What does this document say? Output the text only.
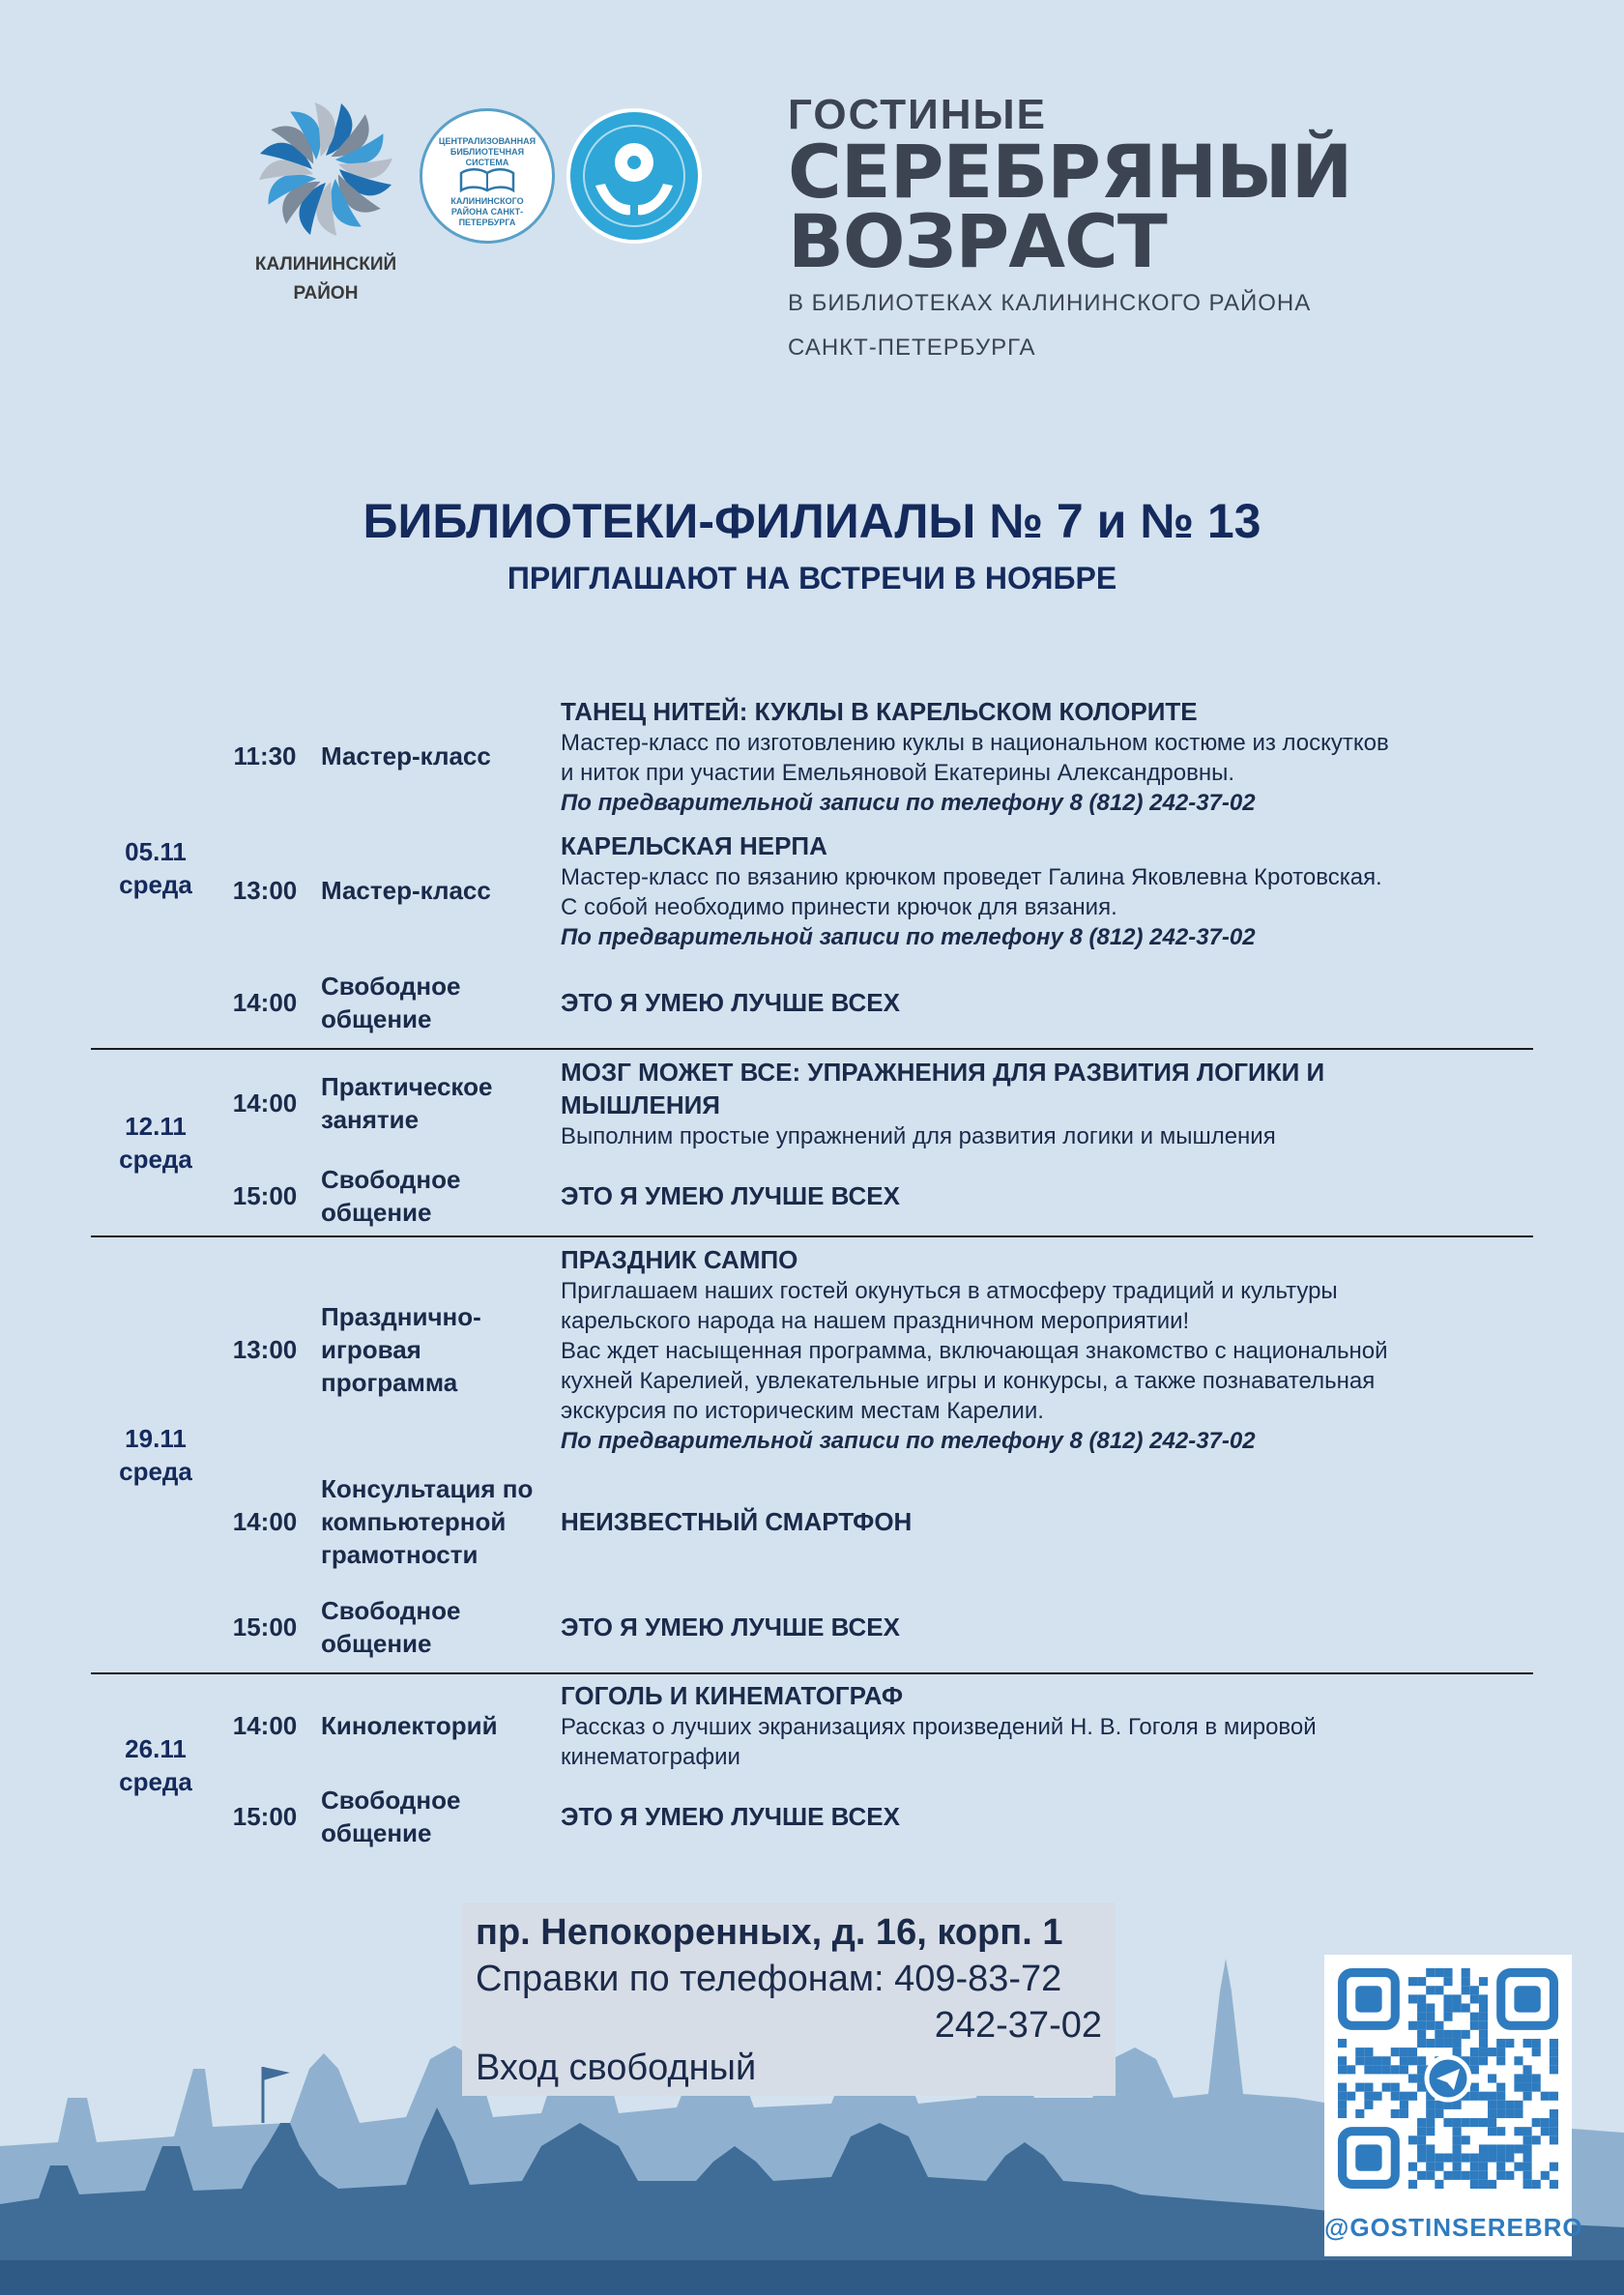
КАЛИНИНСКИЙ
РАЙОН
ЦЕНТРАЛИЗОВАННАЯ БИБЛИОТЕЧНАЯ СИСТЕМА
КАЛИНИНСКОГО РАЙОНА САНКТ-ПЕТЕРБУРГА
ГОСТИНЫЕ
СЕРЕБРЯНЫЙ
ВОЗРАСТ
В БИБЛИОТЕКАХ КАЛИНИНСКОГО РАЙОНА
САНКТ-ПЕТЕРБУРГА
БИБЛИОТЕКИ-ФИЛИАЛЫ № 7 и № 13
ПРИГЛАШАЮТ НА ВСТРЕЧИ В НОЯБРЕ
05.11
среда
11:30 Мастер-класс
ТАНЕЦ НИТЕЙ: КУКЛЫ В КАРЕЛЬСКОМ КОЛОРИТЕ
Мастер-класс по изготовлению куклы в национальном костюме из лоскутков
и ниток при участии Емельяновой Екатерины Александровны.
По предварительной записи по телефону 8 (812) 242-37-02
13:00 Мастер-класс
КАРЕЛЬСКАЯ НЕРПА
Мастер-класс по вязанию крючком проведет Галина Яковлевна Кротовская.
С собой необходимо принести крючок для вязания.
По предварительной записи по телефону 8 (812) 242-37-02
14:00
Свободное общение
ЭТО Я УМЕЮ ЛУЧШЕ ВСЕХ
12.11
среда
14:00
Практическое занятие
МОЗГ МОЖЕТ ВСЕ: УПРАЖНЕНИЯ ДЛЯ РАЗВИТИЯ ЛОГИКИ И МЫШЛЕНИЯ
Выполним простые упражнений для развития логики и мышления
15:00
Свободное общение
ЭТО Я УМЕЮ ЛУЧШЕ ВСЕХ
19.11
среда
13:00
Празднично-игровая программа
ПРАЗДНИК САМПО
Приглашаем наших гостей окунуться в атмосферу традиций и культуры
карельского народа на нашем праздничном мероприятии!
Вас ждет насыщенная программа, включающая знакомство с национальной
кухней Карелией, увлекательные игры и конкурсы, а также познавательная
экскурсия по историческим местам Карелии.
По предварительной записи по телефону 8 (812) 242-37-02
14:00
Консультация по компьютерной грамотности
НЕИЗВЕСТНЫЙ СМАРТФОН
15:00
Свободное общение
ЭТО Я УМЕЮ ЛУЧШЕ ВСЕХ
26.11
среда
14:00 Кинолекторий
ГОГОЛЬ И КИНЕМАТОГРАФ
Рассказ о лучших экранизациях произведений Н. В. Гоголя в мировой
кинематографии
15:00
Свободное общение
ЭТО Я УМЕЮ ЛУЧШЕ ВСЕХ
пр. Непокоренных, д. 16, корп. 1
Справки по телефонам: 409-83-72
242-37-02
Вход свободный
@GOSTINSEREBRO
